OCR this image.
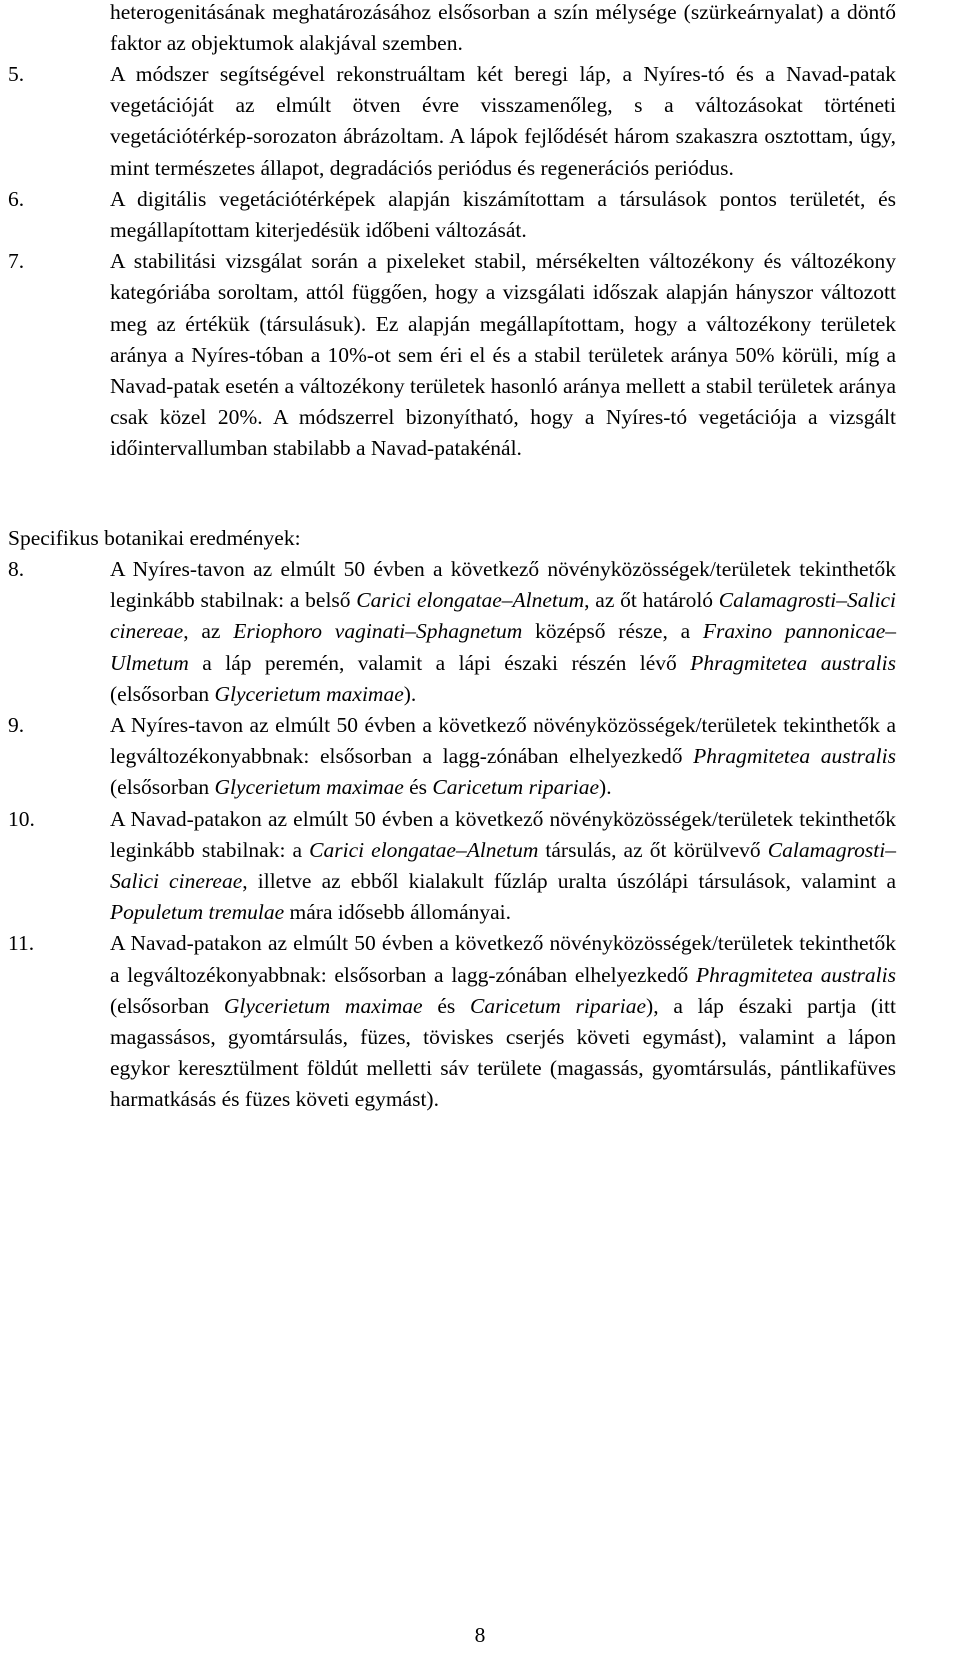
heterogenitásának meghatározásához elsősorban a szín mélysége (szürkeárnyalat) a döntő faktor az objektumok alakjával szemben.
5.	A módszer segítségével rekonstruáltam két beregi láp, a Nyíres-tó és a Navad-patak vegetációját az elmúlt ötven évre visszamenőleg, s a változásokat történeti vegetációtérkép-sorozaton ábrázoltam. A lápok fejlődését három szakaszra osztottam, úgy, mint természetes állapot, degradációs periódus és regenerációs periódus.
6.	A digitális vegetációtérképek alapján kiszámítottam a társulások pontos területét, és megállapítottam kiterjedésük időbeni változását.
7.	A stabilitási vizsgálat során a pixeleket stabil, mérsékelten változékony és változékony kategóriába soroltam, attól függően, hogy a vizsgálati időszak alapján hányszor változott meg az értékük (társulásuk). Ez alapján megállapítottam, hogy a változékony területek aránya a Nyíres-tóban a 10%-ot sem éri el és a stabil területek aránya 50% körüli, míg a Navad-patak esetén a változékony területek hasonló aránya mellett a stabil területek aránya csak közel 20%. A módszerrel bizonyítható, hogy a Nyíres-tó vegetációja a vizsgált időintervallumban stabilabb a Navad-patakénál.
Specifikus botanikai eredmények:
8.	A Nyíres-tavon az elmúlt 50 évben a következő növényközösségek/területek tekinthetők leginkább stabilnak: a belső Carici elongatae–Alnetum, az őt határoló Calamagrosti–Salici cinereae, az Eriophoro vaginati–Sphagnetum középső része, a Fraxino pannonicae–Ulmetum a láp peremén, valamit a lápi északi részén lévő Phragmitetea australis (elsősorban Glycerietum maximae).
9.	A Nyíres-tavon az elmúlt 50 évben a következő növényközösségek/területek tekinthetők a legváltozékonyabbnak: elsősorban a lagg-zónában elhelyezkedő Phragmitetea australis (elsősorban Glycerietum maximae és Caricetum ripariae).
10.	A Navad-patakon az elmúlt 50 évben a következő növényközösségek/területek tekinthetők leginkább stabilnak: a Carici elongatae–Alnetum társulás, az őt körülvevő Calamagrosti–Salici cinereae, illetve az ebből kialakult fűzláp uralta úszólápi társulások, valamint a Populetum tremulae mára idősebb állományai.
11.	A Navad-patakon az elmúlt 50 évben a következő növényközösségek/területek tekinthetők a legváltozékonyabbnak: elsősorban a lagg-zónában elhelyezkedő Phragmitetea australis (elsősorban Glycerietum maximae és Caricetum ripariae), a láp északi partja (itt magassásos, gyomtársulás, füzes, töviskes cserjés követi egymást), valamint a lápon egykor keresztülment földút melletti sáv területe (magassás, gyomtársulás, pántlikafüves harmatkásás és füzes követi egymást).
8
